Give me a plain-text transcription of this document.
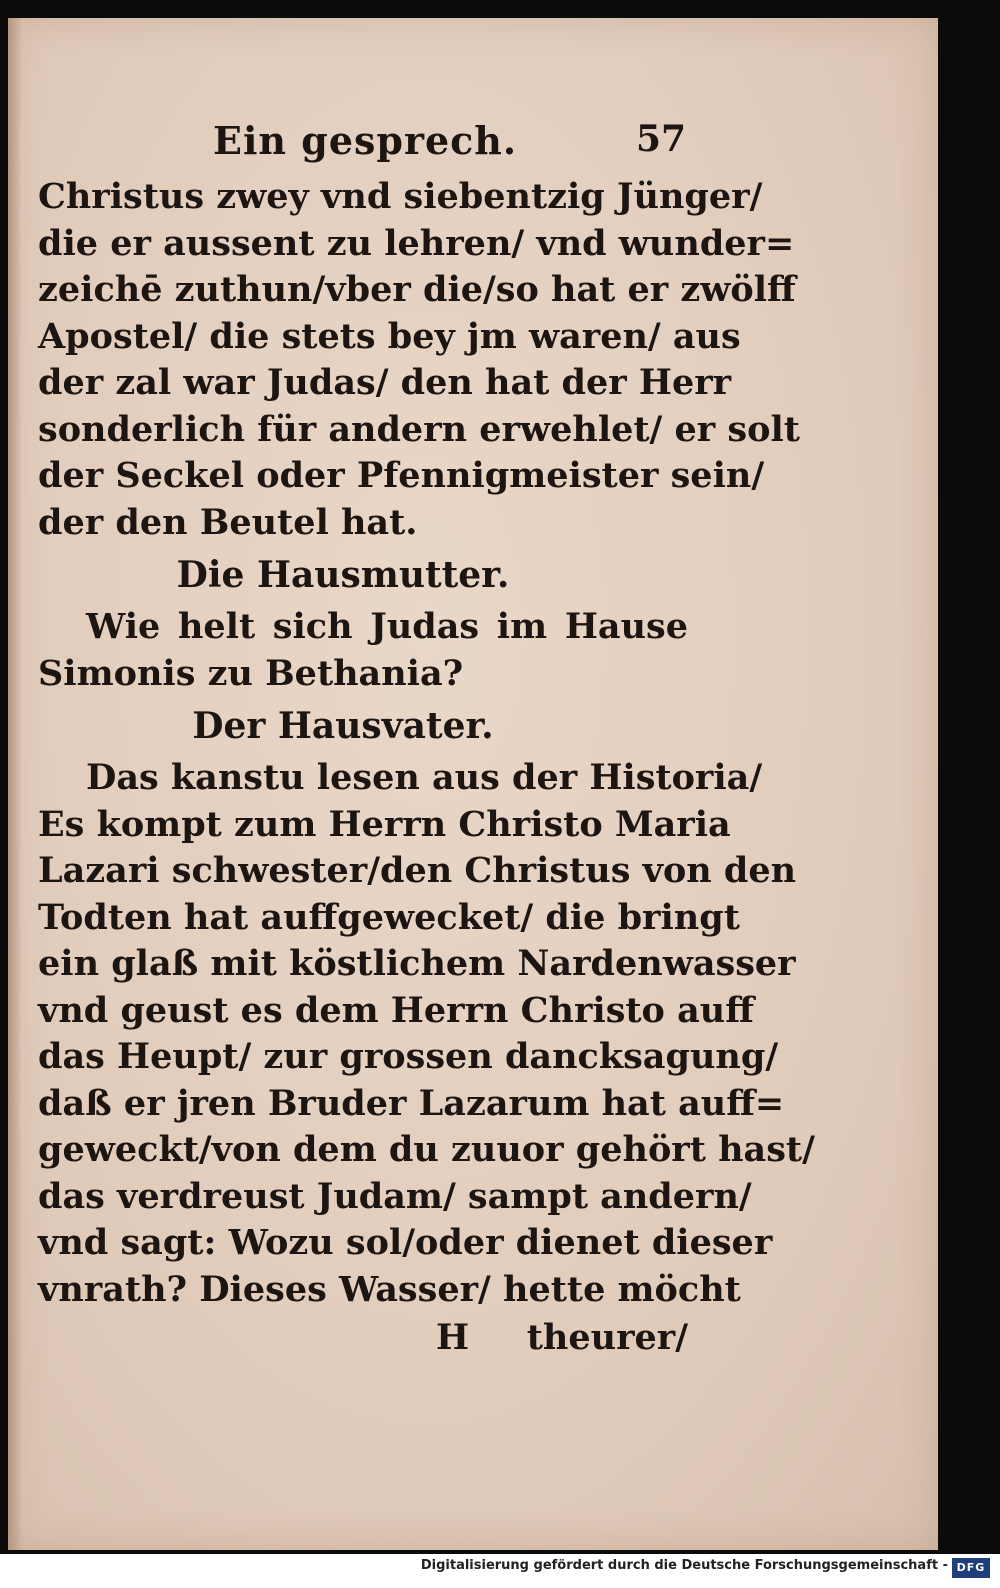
Ein gesprech.	57
Christus zwey vnd siebentzig Jünger/
die er aussent zu lehren/ vnd wunder=
zeichē zuthun/vber die/so hat er zwölff
Apostel/ die stets bey jm waren/ aus
der zal war Judas/ den hat der Herr
sonderlich für andern erwehlet/ er solt
der Seckel oder Pfennigmeister sein/
der den Beutel hat.
Die Hausmutter.
Wie helt sich Judas im Hause
Simonis zu Bethania?
Der Hausvater.
Das kanstu lesen aus der Historia/
Es kompt zum Herrn Christo Maria
Lazari schwester/den Christus von den
Todten hat auffgewecket/ die bringt
ein glaß mit köstlichem Nardenwasser
vnd geust es dem Herrn Christo auff
das Heupt/ zur grossen dancksagung/
daß er jren Bruder Lazarum hat auff=
geweckt/von dem du zuuor gehört hast/
das verdreust Judam/ sampt andern/
vnd sagt: Wozu sol/oder dienet dieser
vnrath? Dieses Wasser/ hette möcht
H theurer/
Digitalisierung gefördert durch die Deutsche Forschungsgemeinschaft - DFG
